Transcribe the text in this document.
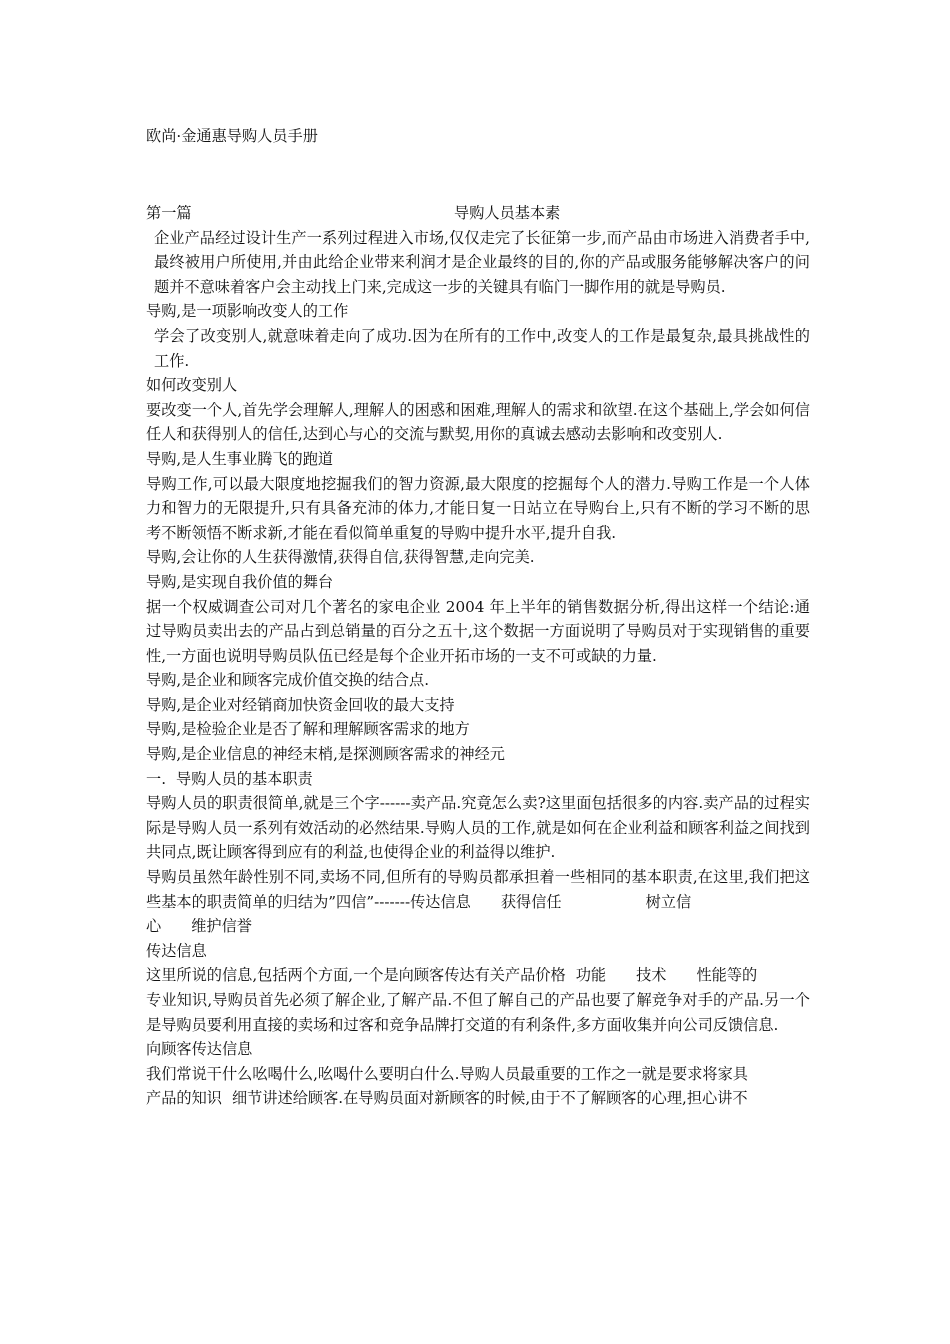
欧尚·金通惠导购人员手册
第一篇	导购人员基本素

企业产品经过设计生产一系列过程进入市场,仅仅走完了长征第一步,而产品由市场进入消费者手中,最终被用户所使用,并由此给企业带来利润才是企业最终的目的,你的产品或服务能够解决客户的问题并不意味着客户会主动找上门来,完成这一步的关键具有临门一脚作用的就是导购员.

导购,是一项影响改变人的工作

学会了改变别人,就意味着走向了成功.因为在所有的工作中,改变人的工作是最复杂,最具挑战性的工作.

如何改变别人

要改变一个人,首先学会理解人,理解人的困惑和困难,理解人的需求和欲望.在这个基础上,学会如何信任人和获得别人的信任,达到心与心的交流与默契,用你的真诚去感动去影响和改变别人.

导购,是人生事业腾飞的跑道

导购工作,可以最大限度地挖掘我们的智力资源,最大限度的挖掘每个人的潜力.导购工作是一个人体力和智力的无限提升,只有具备充沛的体力,才能日复一日站立在导购台上,只有不断的学习不断的思考不断领悟不断求新,才能在看似简单重复的导购中提升水平,提升自我.

导购,会让你的人生获得激情,获得自信,获得智慧,走向完美.

导购,是实现自我价值的舞台

据一个权威调查公司对几个著名的家电企业 2004 年上半年的销售数据分析,得出这样一个结论:通过导购员卖出去的产品占到总销量的百分之五十,这个数据一方面说明了导购员对于实现销售的重要性,一方面也说明导购员队伍已经是每个企业开拓市场的一支不可或缺的力量.

导购,是企业和顾客完成价值交换的结合点.

导购,是企业对经销商加快资金回收的最大支持

导购,是检验企业是否了解和理解顾客需求的地方

导购,是企业信息的神经末梢,是探测顾客需求的神经元

一. 导购人员的基本职责

导购人员的职责很简单,就是三个字------卖产品.究竟怎么卖?这里面包括很多的内容.卖产品的过程实际是导购人员一系列有效活动的必然结果.导购人员的工作,就是如何在企业利益和顾客利益之间找到共同点,既让顾客得到应有的利益,也使得企业的利益得以维护.

导购员虽然年龄性别不同,卖场不同,但所有的导购员都承担着一些相同的基本职责,在这里,我们把这些基本的职责简单的归结为”四信”-------传达信息 获得信任	树立信
心 维护信誉

传达信息

这里所说的信息,包括两个方面,一个是向顾客传达有关产品价格 功能 技术 性能等的
专业知识,导购员首先必须了解企业,了解产品.不但了解自己的产品也要了解竞争对手的产品.另一个是导购员要利用直接的卖场和过客和竞争品牌打交道的有利条件,多方面收集并向公司反馈信息.

向顾客传达信息

我们常说干什么吆喝什么,吆喝什么要明白什么.导购人员最重要的工作之一就是要求将家具
产品的知识 细节讲述给顾客.在导购员面对新顾客的时候,由于不了解顾客的心理,担心讲不
